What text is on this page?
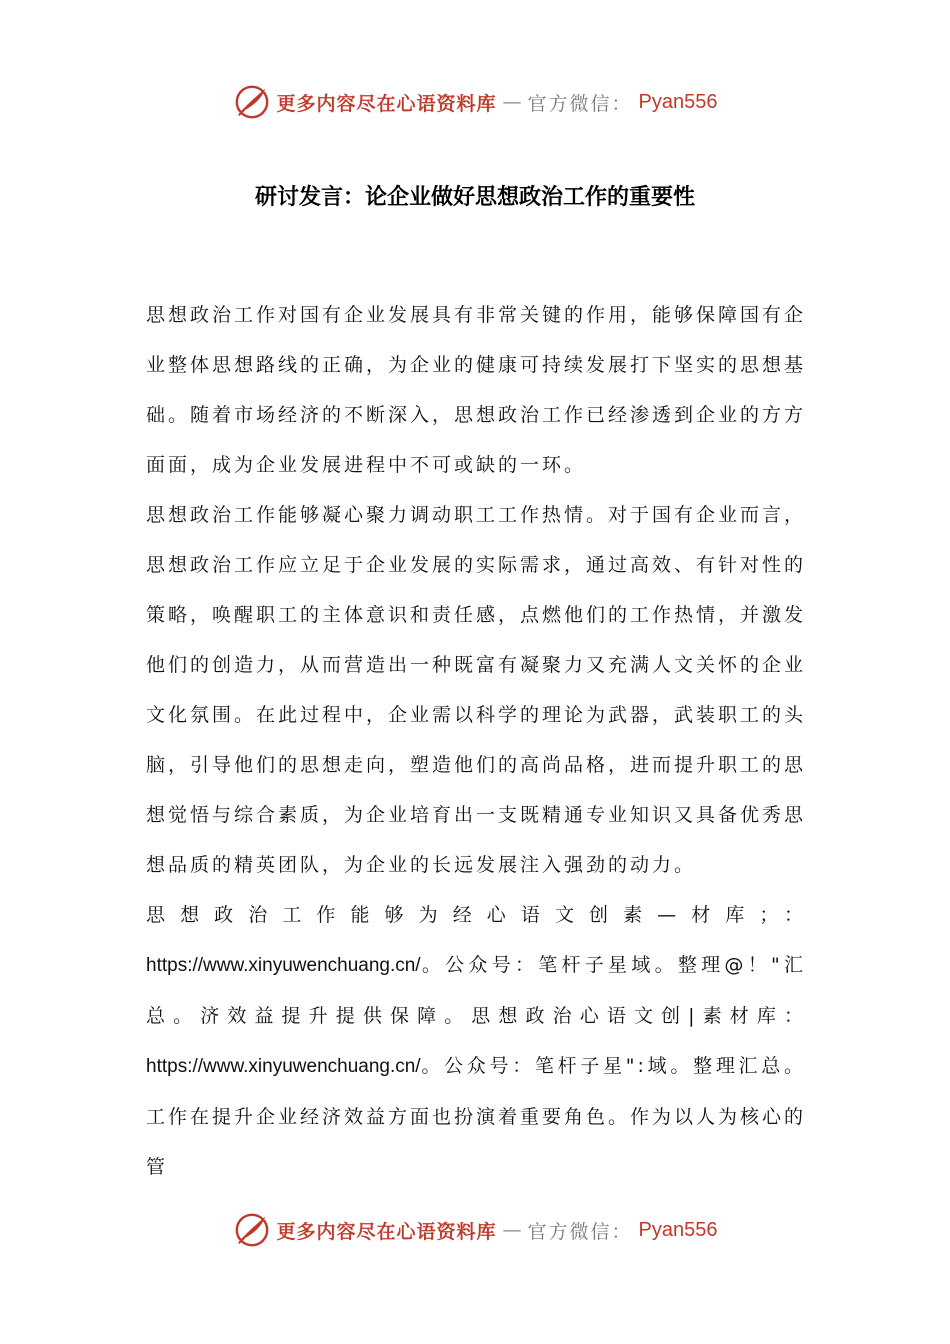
更多内容尽在心语资料库 — 官方微信： Pyan556
研讨发言：论企业做好思想政治工作的重要性

思想政治工作对国有企业发展具有非常关键的作用，能够保障国有企业整体思想路线的正确，为企业的健康可持续发展打下坚实的思想基础。随着市场经济的不断深入，思想政治工作已经渗透到企业的方方面面，成为企业发展进程中不可或缺的一环。

思想政治工作能够凝心聚力调动职工工作热情。对于国有企业而言，思想政治工作应立足于企业发展的实际需求，通过高效、有针对性的策略，唤醒职工的主体意识和责任感，点燃他们的工作热情，并激发他们的创造力，从而营造出一种既富有凝聚力又充满人文关怀的企业文化氛围。在此过程中，企业需以科学的理论为武器，武装职工的头脑，引导他们的思想走向，塑造他们的高尚品格，进而提升职工的思想觉悟与综合素质，为企业培育出一支既精通专业知识又具备优秀思想品质的精英团队，为企业的长远发展注入强劲的动力。

思想政治工作能够为经心语文创素—材库；：https://www.xinyuwenchuang.cn/。公众号：笔杆子星域。整理@！"汇总。济效益提升提供保障。思想政治心语文创|素材库：https://www.xinyuwenchuang.cn/。公众号：笔杆子星":域。整理汇总。工作在提升企业经济效益方面也扮演着重要角色。作为以人为核心的管

更多内容尽在心语资料库 — 官方微信： Pyan556
